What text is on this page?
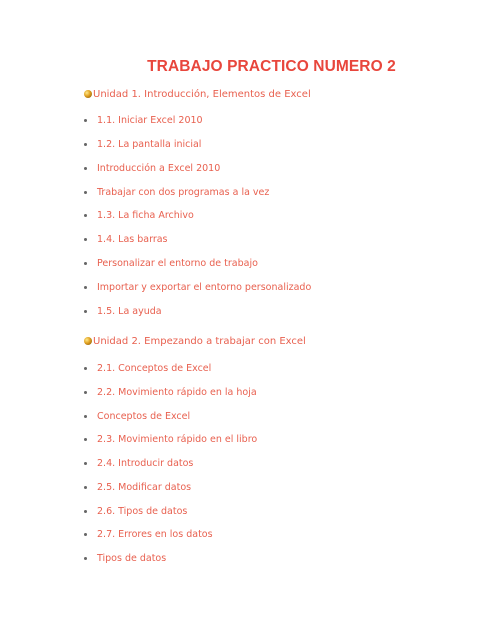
TRABAJO PRACTICO NUMERO 2
Unidad 1. Introducción, Elementos de Excel
1.1. Iniciar Excel 2010
1.2. La pantalla inicial
Introducción a Excel 2010
Trabajar con dos programas a la vez
1.3. La ficha Archivo
1.4. Las barras
Personalizar el entorno de trabajo
Importar y exportar el entorno personalizado
1.5. La ayuda
Unidad 2. Empezando a trabajar con Excel
2.1. Conceptos de Excel
2.2. Movimiento rápido en la hoja
Conceptos de Excel
2.3. Movimiento rápido en el libro
2.4. Introducir datos
2.5. Modificar datos
2.6. Tipos de datos
2.7. Errores en los datos
Tipos de datos
